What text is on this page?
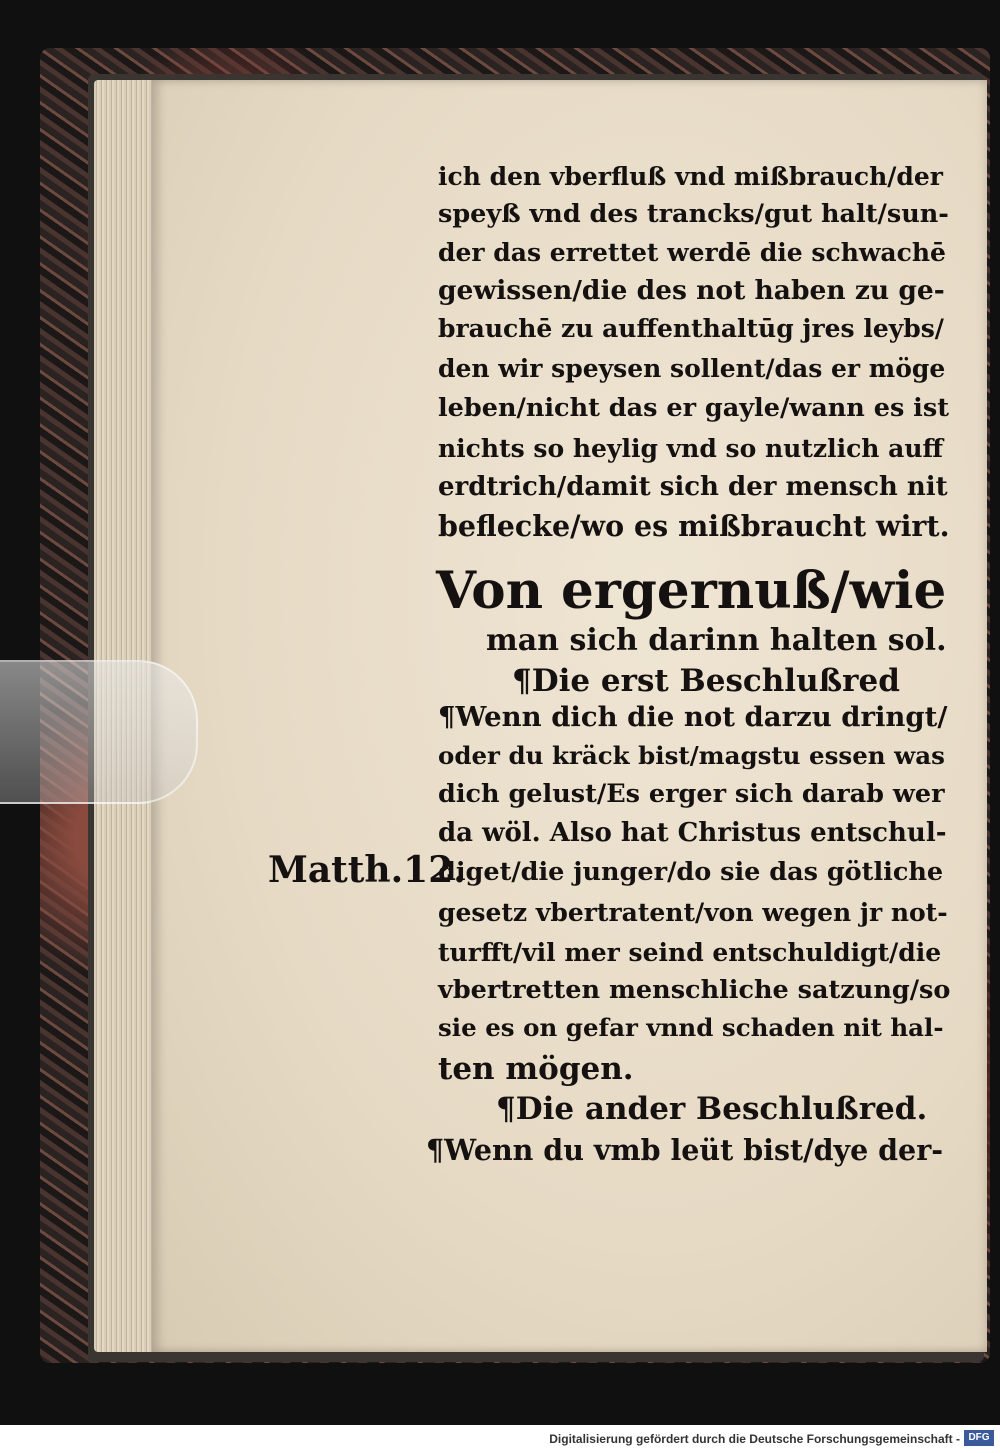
ich den vberfluß vnd mißbrauch/der
speyß vnd des trancks/gut halt/sun-
der das errettet werdē die schwachē
gewissen/die des not haben zu ge-
brauchē zu auffenthaltūg jres leybs/
den wir speysen sollent/das er möge
leben/nicht das er gayle/wann es ist
nichts so heylig vnd so nutzlich auff
erdtrich/damit sich der mensch nit
beflecke/wo es mißbraucht wirt.
Von ergernuß/wie
man sich darinn halten sol.
¶Die erst Beschlußred
¶Wenn dich die not darzu dringt/
oder du kräck bist/magstu essen was
dich gelust/Es erger sich darab wer
da wöl. Also hat Christus entschul-
diget/die junger/do sie das götliche
gesetz vbertratent/von wegen jr not-
turfft/vil mer seind entschuldigt/die
vbertretten menschliche satzung/so
sie es on gefar vnnd schaden nit hal-
ten mögen.
Matth.12.
¶Die ander Beschlußred.
¶Wenn du vmb leüt bist/dye der-
Digitalisierung gefördert durch die Deutsche Forschungsgemeinschaft - DFG
